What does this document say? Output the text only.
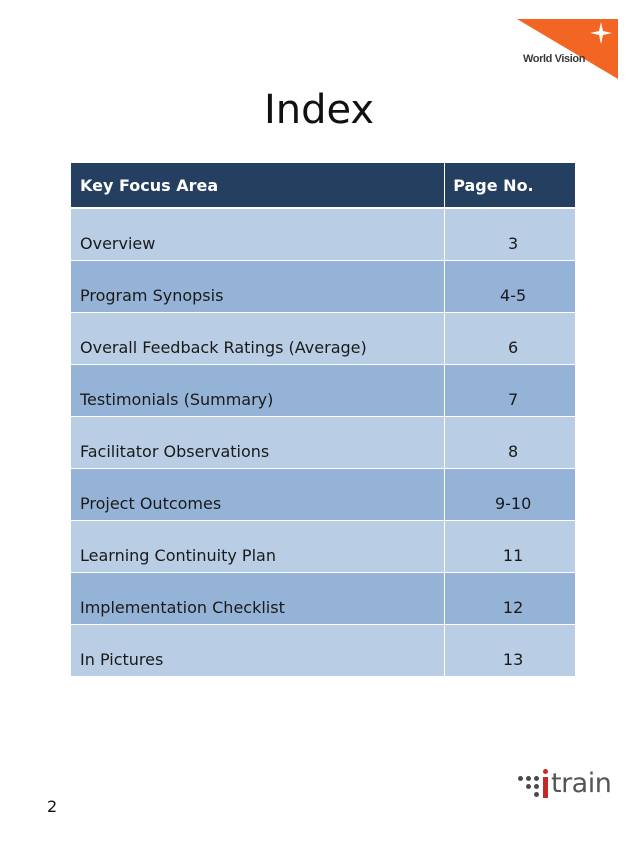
World Vision
Index
Key Focus Area	Page No.
Overview	3
Program Synopsis	4-5
Overall Feedback Ratings (Average)	6
Testimonials (Summary)	7
Facilitator Observations	8
Project Outcomes	9-10
Learning Continuity Plan	11
Implementation Checklist	12
In Pictures	13
2
train
